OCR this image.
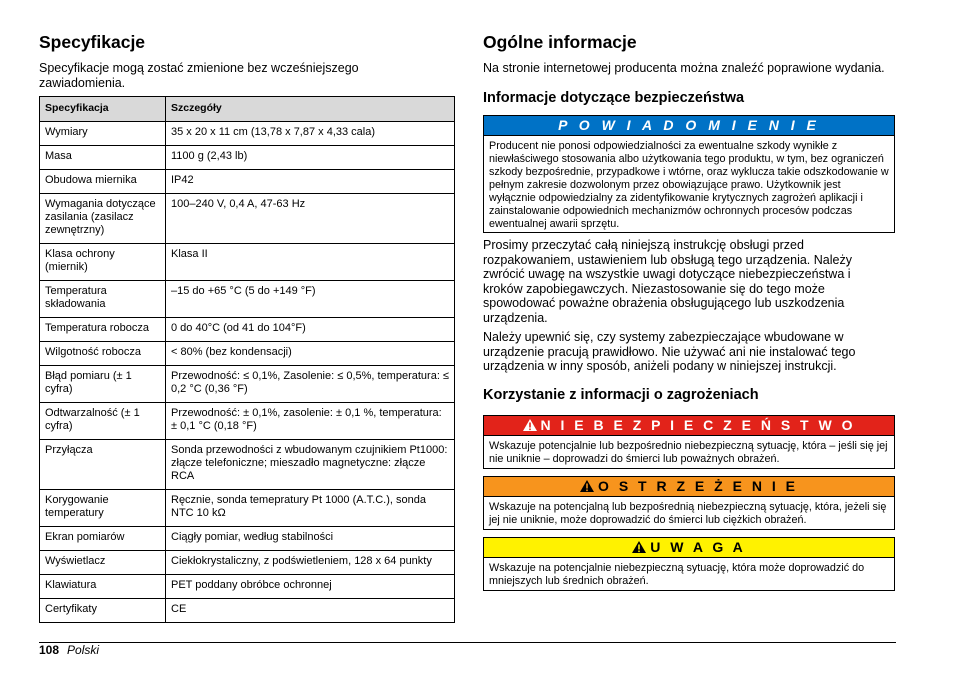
Specyfikacje

Specyfikacje mogą zostać zmienione bez wcześniejszego zawiadomienia.

Specyfikacja	Szczegóły
Wymiary	35 x 20 x 11 cm (13,78 x 7,87 x 4,33 cala)
Masa	1100 g (2,43 lb)
Obudowa miernika	IP42
Wymagania dotyczące zasilania (zasilacz zewnętrzny)	100–240 V, 0,4 A, 47-63 Hz
Klasa ochrony (miernik)	Klasa II
Temperatura składowania	–15 do +65 °C (5 do +149 °F)
Temperatura robocza	0 do 40°C (od 41 do 104°F)
Wilgotność robocza	< 80% (bez kondensacji)
Błąd pomiaru (± 1 cyfra)	Przewodność: ≤ 0,1%, Zasolenie: ≤ 0,5%, temperatura: ≤ 0,2 °C (0,36 °F)
Odtwarzalność (± 1 cyfra)	Przewodność: ± 0,1%, zasolenie: ± 0,1 %, temperatura: ± 0,1 °C (0,18 °F)
Przyłącza	Sonda przewodności z wbudowanym czujnikiem Pt1000: złącze telefoniczne; mieszadło magnetyczne: złącze RCA
Korygowanie temperatury	Ręcznie, sonda temepratury Pt 1000 (A.T.C.), sonda NTC 10 kΩ
Ekran pomiarów	Ciągły pomiar, według stabilności
Wyświetlacz	Ciekłokrystaliczny, z podświetleniem, 128 x 64 punkty
Klawiatura	PET poddany obróbce ochronnej
Certyfikaty	CE
Ogólne informacje

Na stronie internetowej producenta można znaleźć poprawione wydania.

Informacje dotyczące bezpieczeństwa
P O W I A D O M I E N I E
Producent nie ponosi odpowiedzialności za ewentualne szkody wynikłe z niewłaściwego stosowania albo użytkowania tego produktu, w tym, bez ograniczeń szkody bezpośrednie, przypadkowe i wtórne, oraz wyklucza takie odszkodowanie w pełnym zakresie dozwolonym przez obowiązujące prawo. Użytkownik jest wyłącznie odpowiedzialny za zidentyfikowanie krytycznych zagrożeń aplikacji i zainstalowanie odpowiednich mechanizmów ochronnych procesów podczas ewentualnej awarii sprzętu.

Prosimy przeczytać całą niniejszą instrukcję obsługi przed rozpakowaniem, ustawieniem lub obsługą tego urządzenia. Należy zwrócić uwagę na wszystkie uwagi dotyczące niebezpieczeństwa i kroków zapobiegawczych. Niezastosowanie się do tego może spowodować poważne obrażenia obsługującego lub uszkodzenia urządzenia.

Należy upewnić się, czy systemy zabezpieczające wbudowane w urządzenie pracują prawidłowo. Nie używać ani nie instalować tego urządzenia w inny sposób, aniżeli podany w niniejszej instrukcji.

Korzystanie z informacji o zagrożeniach
N I E B E Z P I E C Z E Ń S T W O
Wskazuje potencjalnie lub bezpośrednio niebezpieczną sytuację, która – jeśli się jej nie uniknie – doprowadzi do śmierci lub poważnych obrażeń.
O S T R Z E Ż E N I E
Wskazuje na potencjalną lub bezpośrednią niebezpieczną sytuację, która, jeżeli się jej nie uniknie, może doprowadzić do śmierci lub ciężkich obrażeń.
U W A G A
Wskazuje na potencjalnie niebezpieczną sytuację, która może doprowadzić do mniejszych lub średnich obrażeń.
108 Polski
